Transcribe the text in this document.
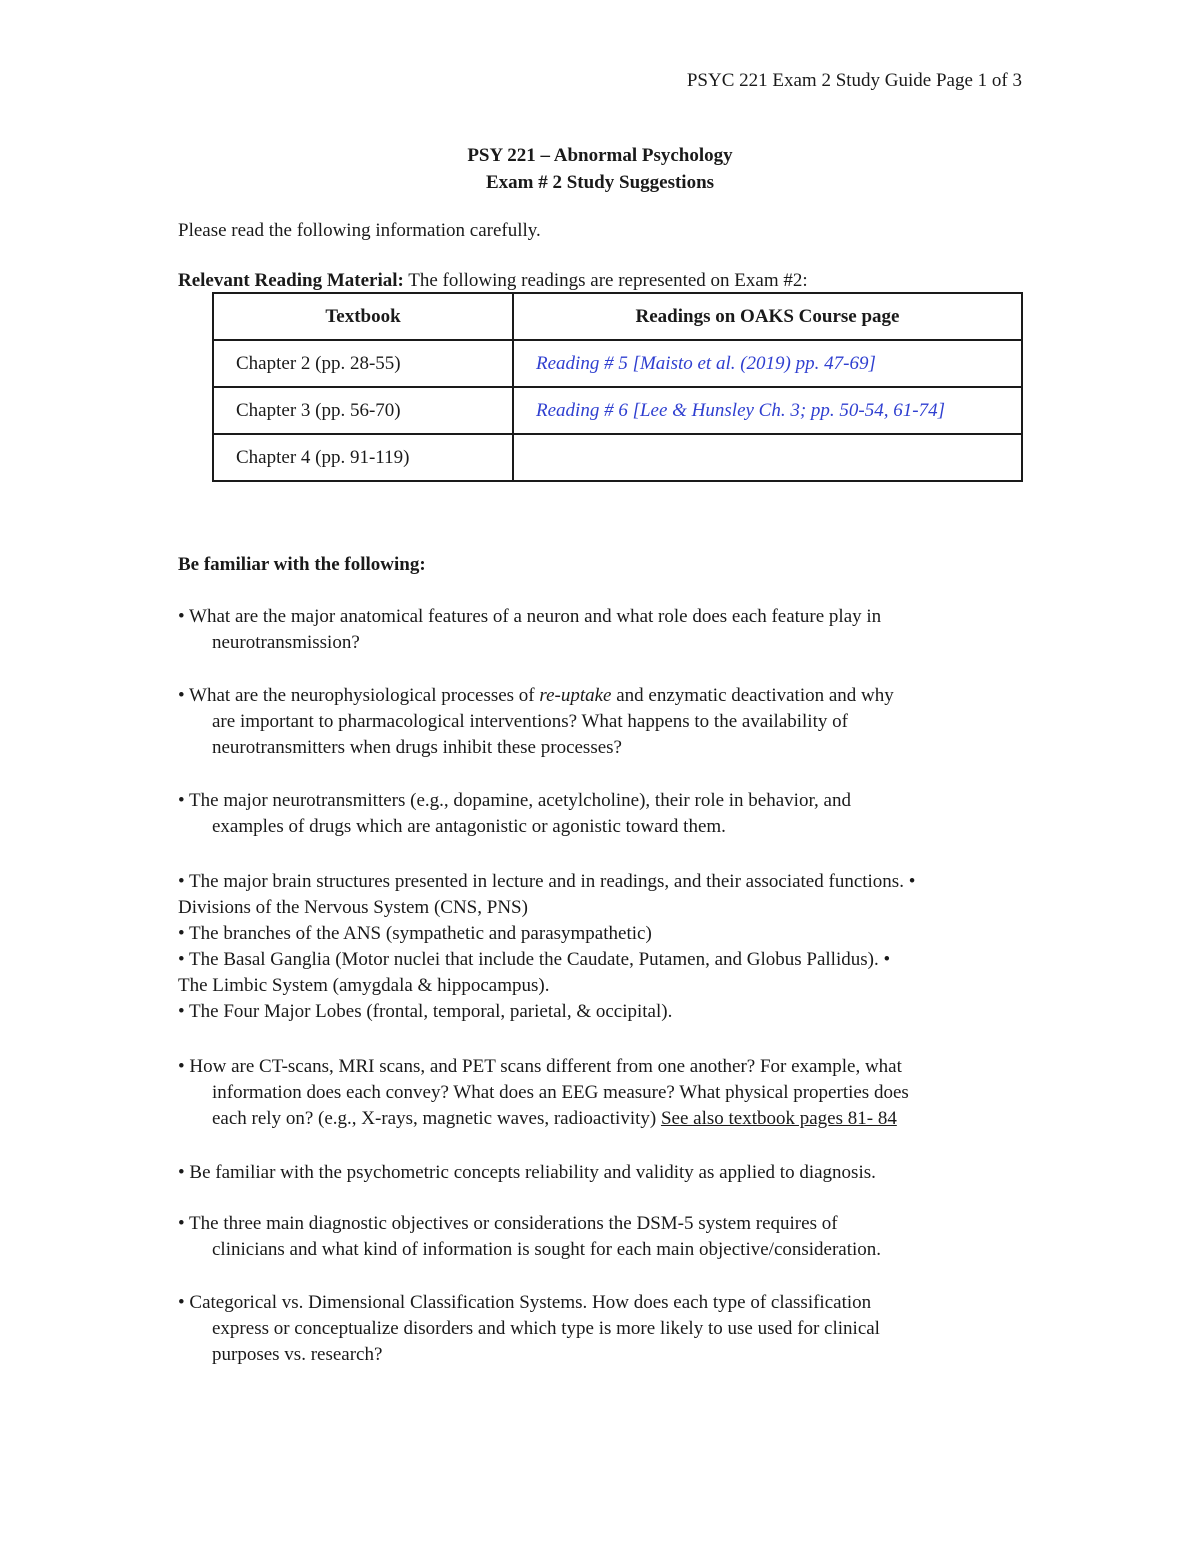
PSYC 221 Exam 2 Study Guide Page 1 of 3
PSY 221 – Abnormal Psychology
Exam # 2 Study Suggestions
Please read the following information carefully.
Relevant Reading Material: The following readings are represented on Exam #2:
Textbook	Readings on OAKS Course page
Chapter 2 (pp. 28-55)	Reading # 5 [Maisto et al. (2019) pp. 47-69]
Chapter 3 (pp. 56-70)	Reading # 6 [Lee & Hunsley Ch. 3; pp. 50-54, 61-74]
Chapter 4 (pp. 91-119)	
Be familiar with the following:
• What are the major anatomical features of a neuron and what role does each feature play in
neurotransmission?
• What are the neurophysiological processes of re-uptake and enzymatic deactivation and why
are important to pharmacological interventions? What happens to the availability of
neurotransmitters when drugs inhibit these processes?
• The major neurotransmitters (e.g., dopamine, acetylcholine), their role in behavior, and
examples of drugs which are antagonistic or agonistic toward them.
• The major brain structures presented in lecture and in readings, and their associated functions. •
Divisions of the Nervous System (CNS, PNS)
• The branches of the ANS (sympathetic and parasympathetic)
• The Basal Ganglia (Motor nuclei that include the Caudate, Putamen, and Globus Pallidus). •
The Limbic System (amygdala & hippocampus).
• The Four Major Lobes (frontal, temporal, parietal, & occipital).
• How are CT-scans, MRI scans, and PET scans different from one another? For example, what
information does each convey? What does an EEG measure? What physical properties does
each rely on? (e.g., X-rays, magnetic waves, radioactivity) See also textbook pages 81- 84
• Be familiar with the psychometric concepts reliability and validity as applied to diagnosis.
• The three main diagnostic objectives or considerations the DSM-5 system requires of
clinicians and what kind of information is sought for each main objective/consideration.
• Categorical vs. Dimensional Classification Systems. How does each type of classification
express or conceptualize disorders and which type is more likely to use used for clinical
purposes vs. research?
